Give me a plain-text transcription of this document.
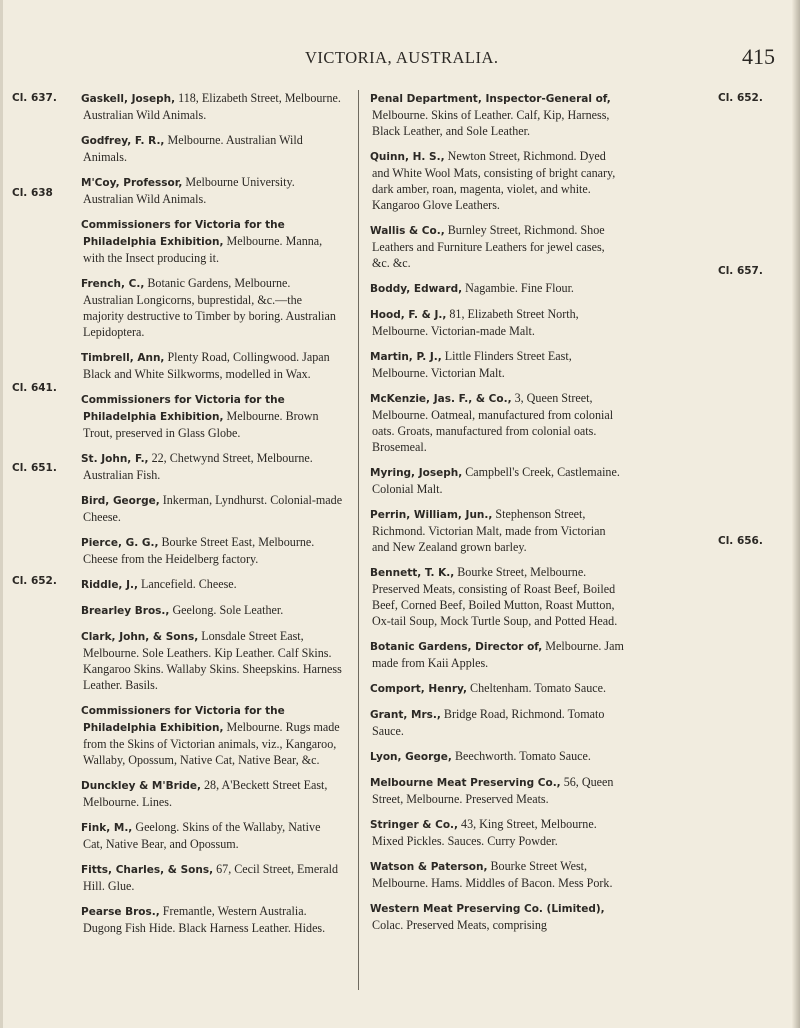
VICTORIA, AUSTRALIA.	415
Cl. 637.
Cl. 638
Cl. 641.
Cl. 651.
Cl. 652.
Cl. 652.
Cl. 657.
Cl. 656.
Gaskell, Joseph, 118, Elizabeth Street, Melbourne. Australian Wild Animals.
Godfrey, F. R., Melbourne. Australian Wild Animals.
M'Coy, Professor, Melbourne University. Australian Wild Animals.
Commissioners for Victoria for the Philadelphia Exhibition, Melbourne. Manna, with the Insect producing it.
French, C., Botanic Gardens, Melbourne. Australian Longicorns, buprestidal, &c.—the majority destructive to Timber by boring. Australian Lepidoptera.
Timbrell, Ann, Plenty Road, Collingwood. Japan Black and White Silkworms, modelled in Wax.
Commissioners for Victoria for the Philadelphia Exhibition, Melbourne. Brown Trout, preserved in Glass Globe.
St. John, F., 22, Chetwynd Street, Melbourne. Australian Fish.
Bird, George, Inkerman, Lyndhurst. Colonial-made Cheese.
Pierce, G. G., Bourke Street East, Melbourne. Cheese from the Heidelberg factory.
Riddle, J., Lancefield. Cheese.
Brearley Bros., Geelong. Sole Leather.
Clark, John, & Sons, Lonsdale Street East, Melbourne. Sole Leathers. Kip Leather. Calf Skins. Kangaroo Skins. Wallaby Skins. Sheepskins. Harness Leather. Basils.
Commissioners for Victoria for the Philadelphia Exhibition, Melbourne. Rugs made from the Skins of Victorian animals, viz., Kangaroo, Wallaby, Opossum, Native Cat, Native Bear, &c.
Dunckley & M'Bride, 28, A'Beckett Street East, Melbourne. Lines.
Fink, M., Geelong. Skins of the Wallaby, Native Cat, Native Bear, and Opossum.
Fitts, Charles, & Sons, 67, Cecil Street, Emerald Hill. Glue.
Pearse Bros., Fremantle, Western Australia. Dugong Fish Hide. Black Harness Leather. Hides.
Penal Department, Inspector-General of, Melbourne. Skins of Leather. Calf, Kip, Harness, Black Leather, and Sole Leather.
Quinn, H. S., Newton Street, Richmond. Dyed and White Wool Mats, consisting of bright canary, dark amber, roan, magenta, violet, and white. Kangaroo Glove Leathers.
Wallis & Co., Burnley Street, Richmond. Shoe Leathers and Furniture Leathers for jewel cases, &c. &c.
Boddy, Edward, Nagambie. Fine Flour.
Hood, F. & J., 81, Elizabeth Street North, Melbourne. Victorian-made Malt.
Martin, P. J., Little Flinders Street East, Melbourne. Victorian Malt.
McKenzie, Jas. F., & Co., 3, Queen Street, Melbourne. Oatmeal, manufactured from colonial oats. Groats, manufactured from colonial oats. Brosemeal.
Myring, Joseph, Campbell's Creek, Castlemaine. Colonial Malt.
Perrin, William, Jun., Stephenson Street, Richmond. Victorian Malt, made from Victorian and New Zealand grown barley.
Bennett, T. K., Bourke Street, Melbourne. Preserved Meats, consisting of Roast Beef, Boiled Beef, Corned Beef, Boiled Mutton, Roast Mutton, Ox-tail Soup, Mock Turtle Soup, and Potted Head.
Botanic Gardens, Director of, Melbourne. Jam made from Kaii Apples.
Comport, Henry, Cheltenham. Tomato Sauce.
Grant, Mrs., Bridge Road, Richmond. Tomato Sauce.
Lyon, George, Beechworth. Tomato Sauce.
Melbourne Meat Preserving Co., 56, Queen Street, Melbourne. Preserved Meats.
Stringer & Co., 43, King Street, Melbourne. Mixed Pickles. Sauces. Curry Powder.
Watson & Paterson, Bourke Street West, Melbourne. Hams. Middles of Bacon. Mess Pork.
Western Meat Preserving Co. (Limited), Colac. Preserved Meats, comprising
